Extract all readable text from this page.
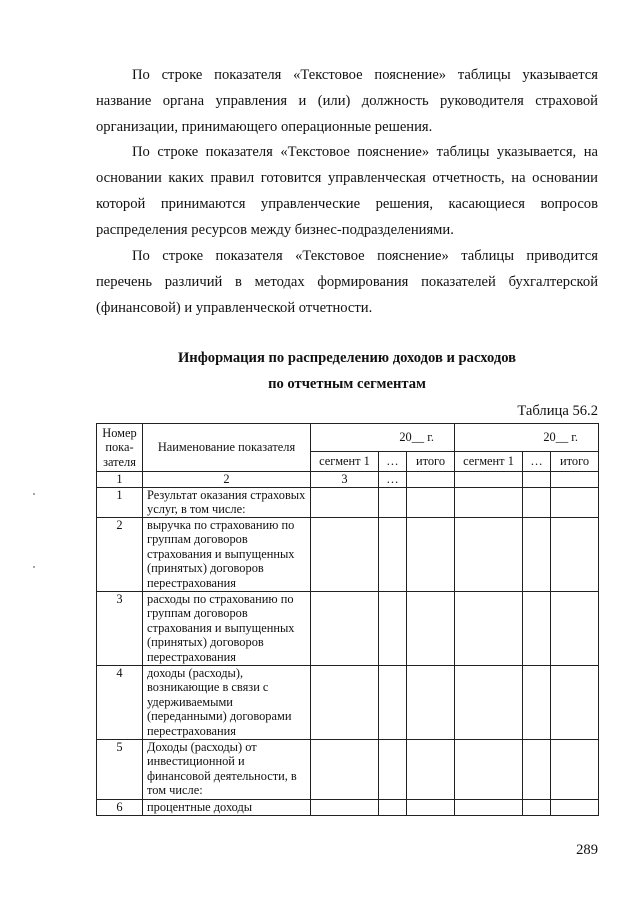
По строке показателя «Текстовое пояснение» таблицы указывается название органа управления и (или) должность руководителя страховой организации, принимающего операционные решения.

По строке показателя «Текстовое пояснение» таблицы указывается, на основании каких правил готовится управленческая отчетность, на основании которой принимаются управленческие решения, касающиеся вопросов распределения ресурсов между бизнес-подразделениями.

По строке показателя «Текстовое пояснение» таблицы приводится перечень различий в методах формирования показателей бухгалтерской (финансовой) и управленческой отчетности.

Информация по распределению доходов и расходов

по отчетным сегментам

Таблица 56.2
Номер пока-зателя	Наименование показателя	20__ г.			20__ г.		
		сегмент 1	…	итого	сегмент 1	…	итого
1	2	3	…				
1	Результат оказания страховых услуг, в том числе:						
2	выручка по страхованию по группам договоров страхования и выпущенных (принятых) договоров перестрахования						
3	расходы по страхованию по группам договоров страхования и выпущенных (принятых) договоров перестрахования						
4	доходы (расходы), возникающие в связи с удерживаемыми (переданными) договорами перестрахования						
5	Доходы (расходы) от инвестиционной и финансовой деятельности, в том числе:						
6	процентные доходы						
289
